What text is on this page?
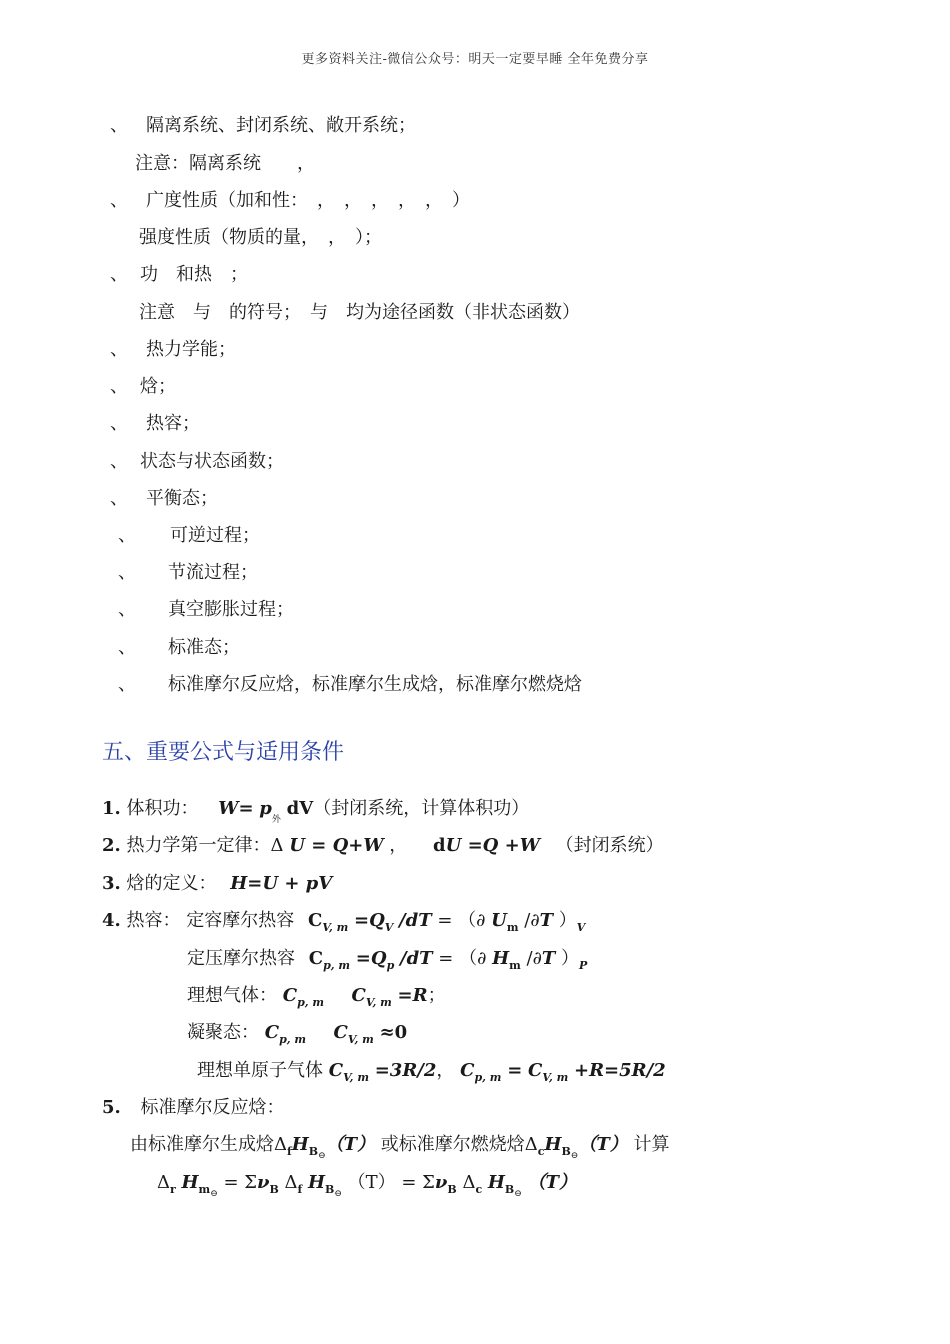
更多资料关注-微信公众号：明天一定要早睡 全年免费分享
、 隔离系统、封闭系统、敞开系统；
注意：隔离系统　　，
、 广度性质（加和性：　，　，　，　，　，　）
强度性质（物质的量，　，　）；
、 功　和热　；
注意　与　的符号；　与　均为途径函数（非状态函数）
、 热力学能；
、 焓；
、 热容；
、 状态与状态函数；
、 平衡态；
、 可逆过程；
、 节流过程；
、 真空膨胀过程；
、 标准态；
、 标准摩尔反应焓，标准摩尔生成焓，标准摩尔燃烧焓
五、重要公式与适用条件
1. 体积功： $W= p_外$ dV（封闭系统，计算体积功）
2. 热力学第一定律：Δ U = Q+W ， dU =Q +W （封闭系统）
3. 焓的定义： H=U + pV
4. 热容： 定容摩尔热容 $C_{V, m} =Q_V$ /dT = （∂ $U_m$ /∂T ）$_V$
定压摩尔热容 $C_{p, m} =Q_p$ /dT = （∂ $H_m$ /∂T ）$_P$
理想气体： $C_{p, m}$ $C_{V, m} =R$；
凝聚态： $C_{p, m}$ $C_{V, m} \approx 0$
理想单原子气体 $C_{V, m} =3R/2$， $C_{p, m} = C_{V, m} +R=5R/2$
5. 标准摩尔反应焓：
由标准摩尔生成焓$\Delta_fH_{B⊖}(T)$ 或标准摩尔燃烧焓$\Delta_cH_{B⊖}(T)$ 计算
$\Delta_r$ $H_{m⊖} = \Sigma\nu_B$ $\Delta_f$ $H_{B⊖}$ $(T) = \Sigma\nu_B$ $\Delta_c$ $H_{B⊖}$ （T）
